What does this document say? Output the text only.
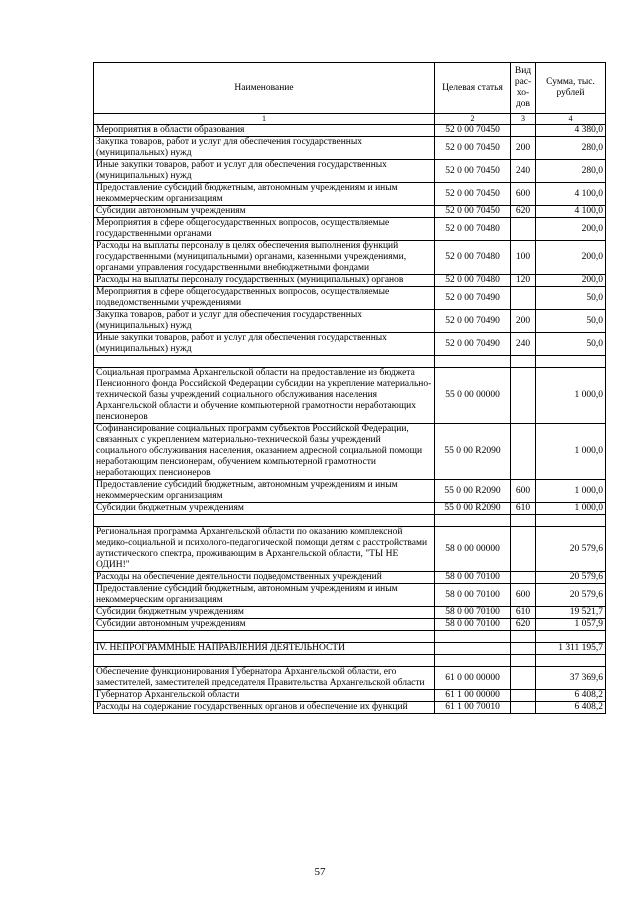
Наименование	Целевая статья	Вид рас-хо-дов	Сумма, тыс. рублей
1	2	3	4
Мероприятия в области образования	52 0 00 70450		4 380,0
Закупка товаров, работ и услуг для обеспечения государственных (муниципальных) нужд	52 0 00 70450	200	280,0
Иные закупки товаров, работ и услуг для обеспечения государственных (муниципальных) нужд	52 0 00 70450	240	280,0
Предоставление субсидий бюджетным, автономным учреждениям и иным некоммерческим организациям	52 0 00 70450	600	4 100,0
Субсидии автономным учреждениям	52 0 00 70450	620	4 100,0
Мероприятия в сфере общегосударственных вопросов, осуществляемые государственными органами	52 0 00 70480		200,0
Расходы на выплаты персоналу в целях обеспечения выполнения функций государственными (муниципальными) органами, казенными учреждениями, органами управления государственными внебюджетными фондами	52 0 00 70480	100	200,0
Расходы на выплаты персоналу государственных (муниципальных) органов	52 0 00 70480	120	200,0
Мероприятия в сфере общегосударственных вопросов, осуществляемые подведомственными учреждениями	52 0 00 70490		50,0
Закупка товаров, работ и услуг для обеспечения государственных (муниципальных) нужд	52 0 00 70490	200	50,0
Иные закупки товаров, работ и услуг для обеспечения государственных (муниципальных) нужд	52 0 00 70490	240	50,0

Социальная программа Архангельской области на предоставление из бюджета Пенсионного фонда Российской Федерации субсидии на укрепление материально-технической базы учреждений социального обслуживания населения Архангельской области и обучение компьютерной грамотности неработающих пенсионеров	55 0 00 00000		1 000,0
Софинансирование социальных программ субъектов Российской Федерации, связанных с укреплением материально-технической базы учреждений социального обслуживания населения, оказанием адресной социальной помощи неработающим пенсионерам, обучением компьютерной грамотности неработающих пенсионеров	55 0 00 R2090		1 000,0
Предоставление субсидий бюджетным, автономным учреждениям и иным некоммерческим организациям	55 0 00 R2090	600	1 000,0
Субсидии бюджетным учреждениям	55 0 00 R2090	610	1 000,0

Региональная программа Архангельской области по оказанию комплексной медико-социальной и психолого-педагогической помощи детям с расстройствами аутистического спектра, проживающим в Архангельской области, "ТЫ НЕ ОДИН!"	58 0 00 00000		20 579,6
Расходы на обеспечение деятельности подведомственных учреждений	58 0 00 70100		20 579,6
Предоставление субсидий бюджетным, автономным учреждениям и иным некоммерческим организациям	58 0 00 70100	600	20 579,6
Субсидии бюджетным учреждениям	58 0 00 70100	610	19 521,7
Субсидии автономным учреждениям	58 0 00 70100	620	1 057,9

IV. НЕПРОГРАММНЫЕ НАПРАВЛЕНИЯ ДЕЯТЕЛЬНОСТИ			1 311 195,7

Обеспечение функционирования Губернатора Архангельской области, его заместителей, заместителей председателя Правительства Архангельской области	61 0 00 00000		37 369,6
Губернатор Архангельской области	61 1 00 00000		6 408,2
Расходы на содержание государственных органов и обеспечение их функций	61 1 00 70010		6 408,2
57
